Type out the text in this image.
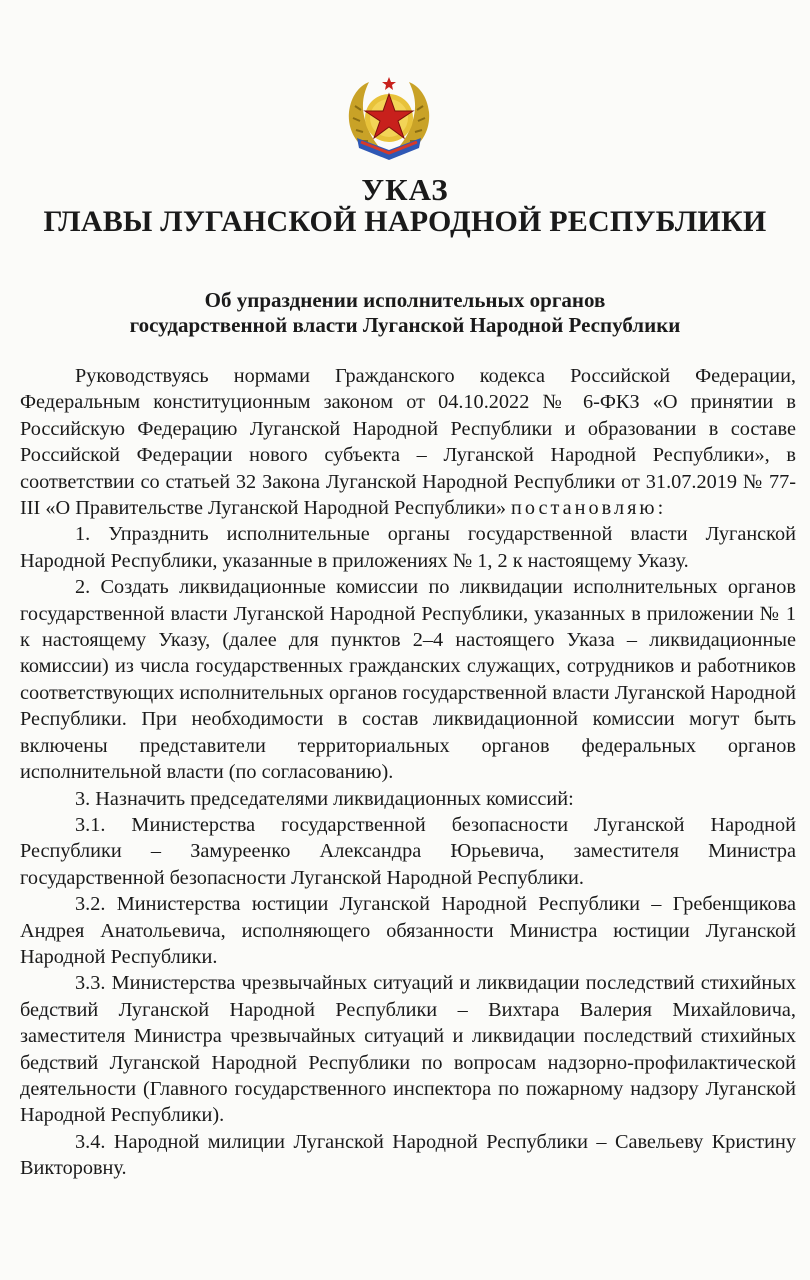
УКАЗ
ГЛАВЫ ЛУГАНСКОЙ НАРОДНОЙ РЕСПУБЛИКИ
Об упразднении исполнительных органов
государственной власти Луганской Народной Республики

Руководствуясь нормами Гражданского кодекса Российской Федерации, Федеральным конституционным законом от 04.10.2022 № 6-ФКЗ «О принятии в Российскую Федерацию Луганской Народной Республики и образовании в составе Российской Федерации нового субъекта – Луганской Народной Республики», в соответствии со статьей 32 Закона Луганской Народной Республики от 31.07.2019 № 77-III «О Правительстве Луганской Народной Республики» постановляю:

1. Упразднить исполнительные органы государственной власти Луганской Народной Республики, указанные в приложениях № 1, 2 к настоящему Указу.

2. Создать ликвидационные комиссии по ликвидации исполнительных органов государственной власти Луганской Народной Республики, указанных в приложении № 1 к настоящему Указу, (далее для пунктов 2–4 настоящего Указа – ликвидационные комиссии) из числа государственных гражданских служащих, сотрудников и работников соответствующих исполнительных органов государственной власти Луганской Народной Республики. При необходимости в состав ликвидационной комиссии могут быть включены представители территориальных органов федеральных органов исполнительной власти (по согласованию).

3. Назначить председателями ликвидационных комиссий:

3.1. Министерства государственной безопасности Луганской Народной Республики – Замуреенко Александра Юрьевича, заместителя Министра государственной безопасности Луганской Народной Республики.

3.2. Министерства юстиции Луганской Народной Республики – Гребенщикова Андрея Анатольевича, исполняющего обязанности Министра юстиции Луганской Народной Республики.

3.3. Министерства чрезвычайных ситуаций и ликвидации последствий стихийных бедствий Луганской Народной Республики – Вихтара Валерия Михайловича, заместителя Министра чрезвычайных ситуаций и ликвидации последствий стихийных бедствий Луганской Народной Республики по вопросам надзорно-профилактической деятельности (Главного государственного инспектора по пожарному надзору Луганской Народной Республики).

3.4. Народной милиции Луганской Народной Республики – Савельеву Кристину Викторовну.
